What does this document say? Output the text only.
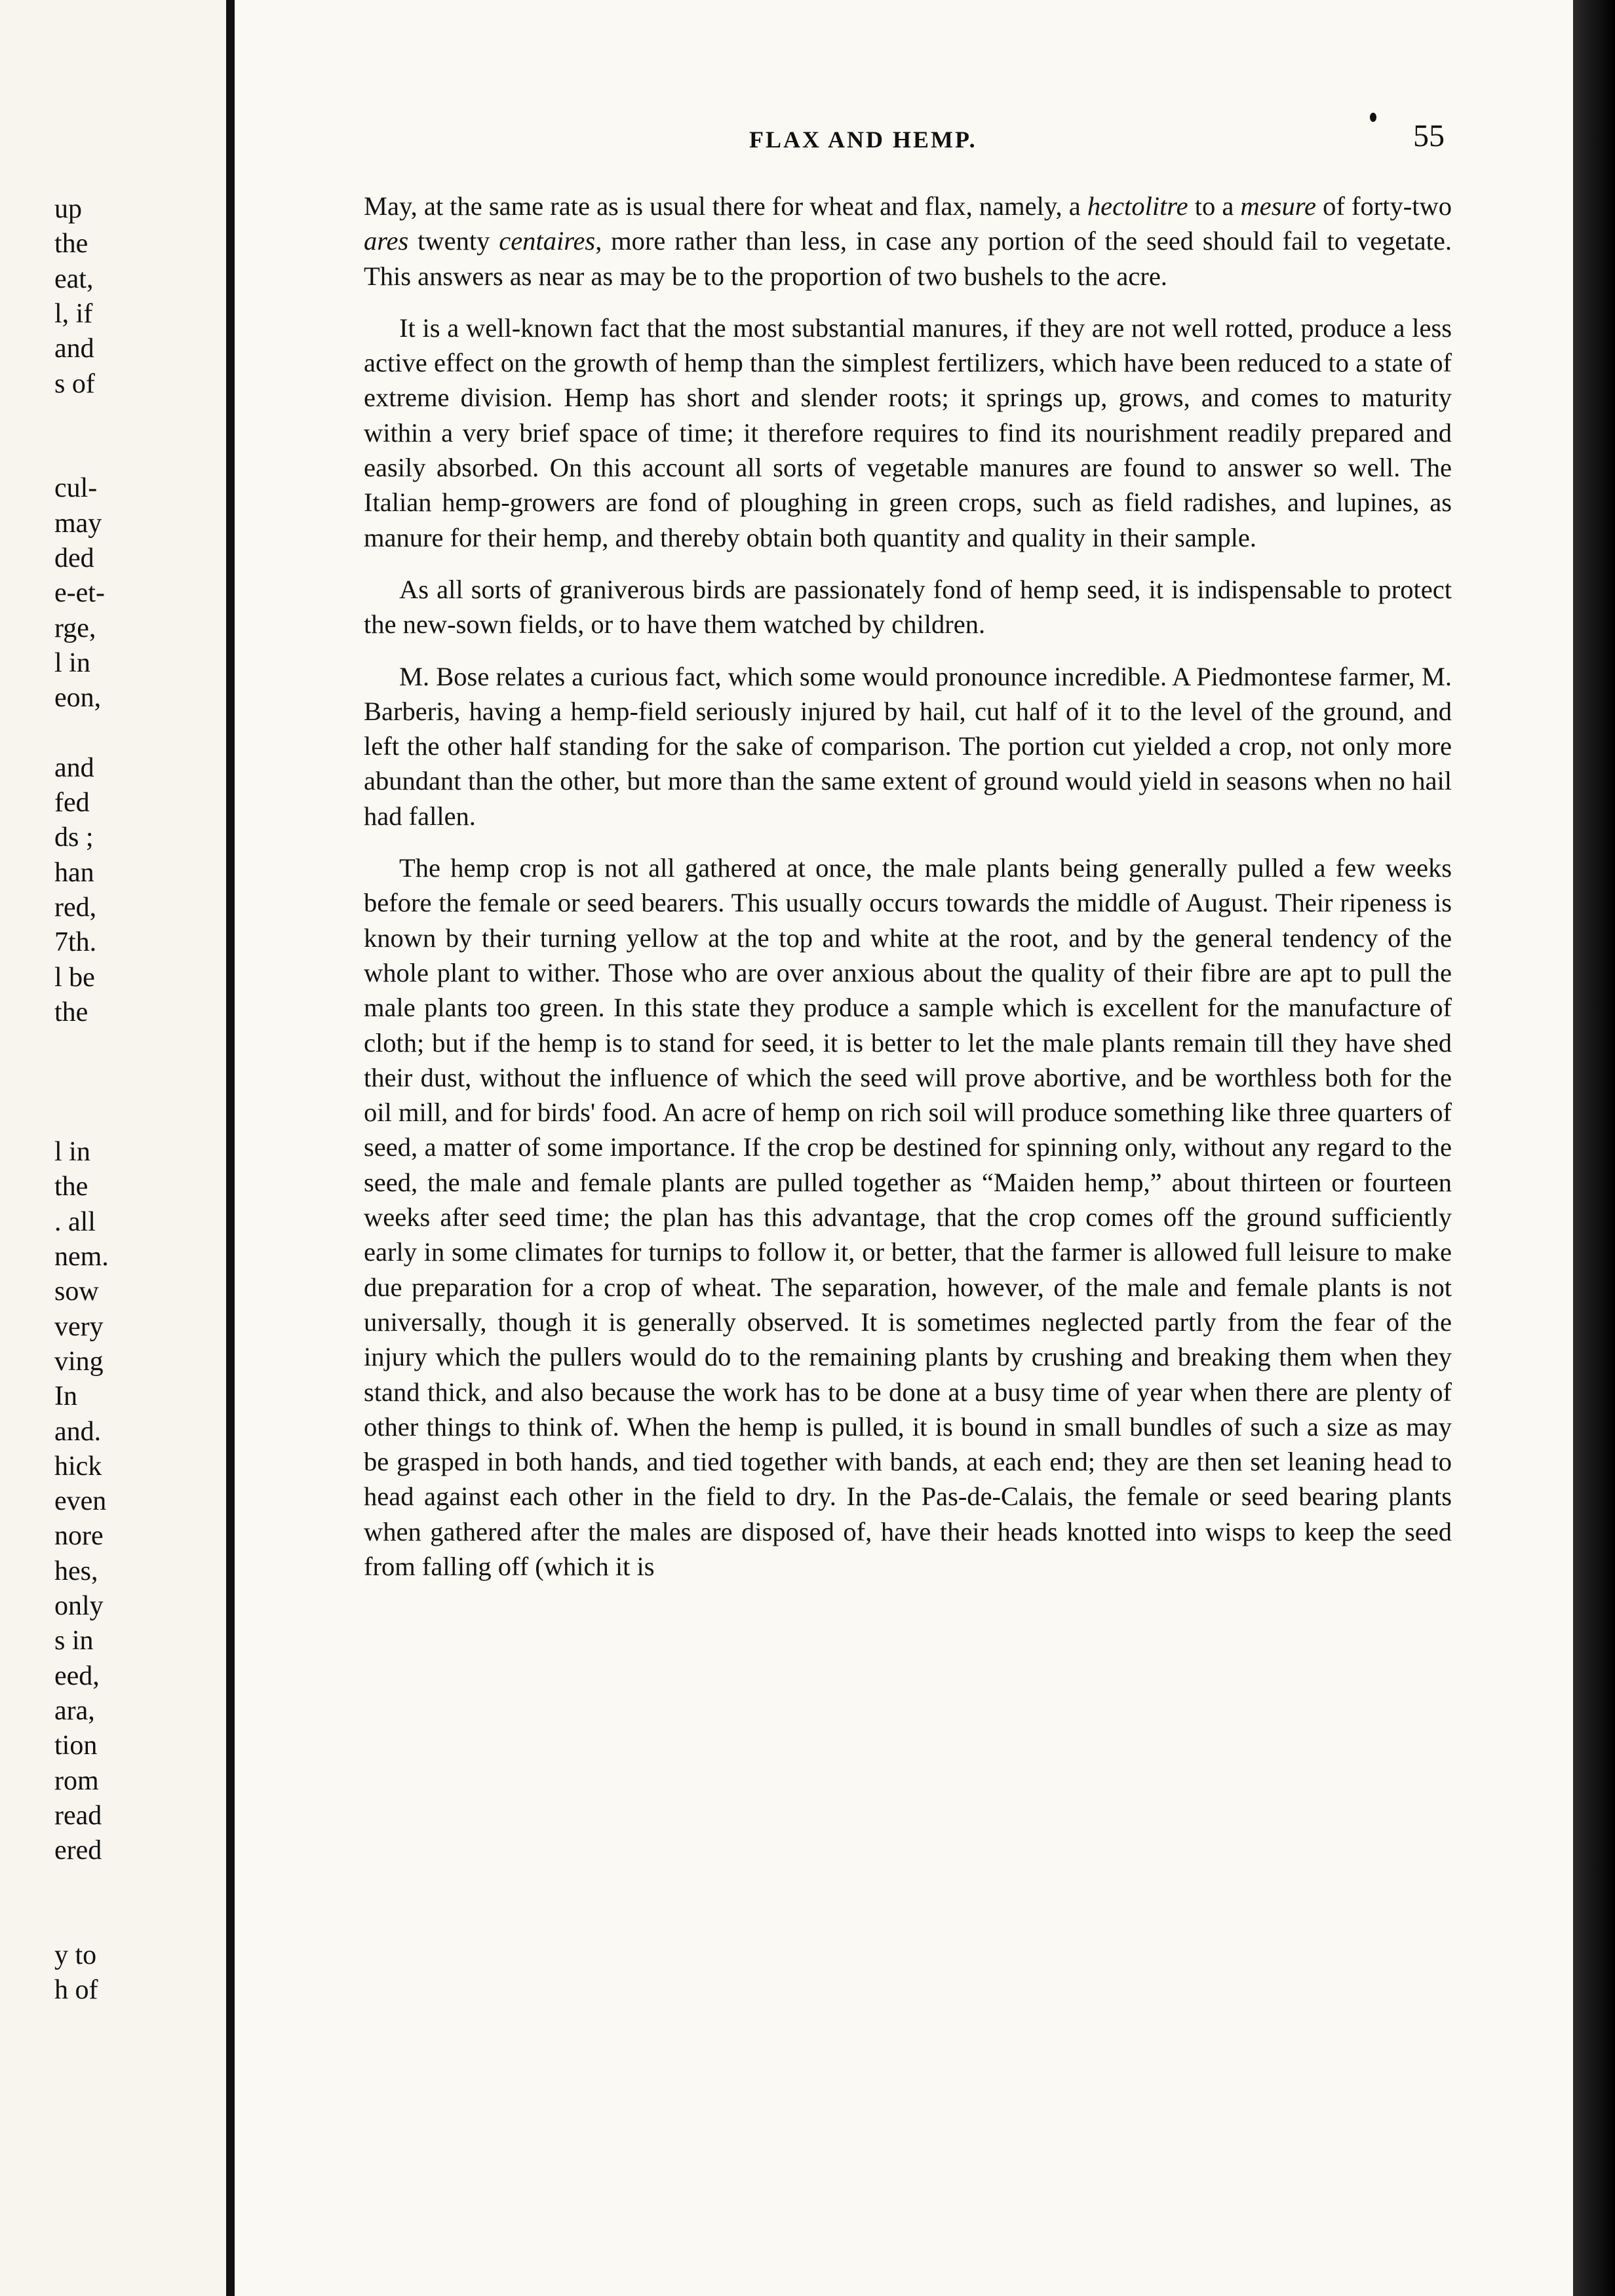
up
the
eat,
l, if
and
s of
cul-
may
ded
e-et-
rge,
l in
eon,
and
fed
ds ;
han
red,
7th.
l be
the
l in
the
. all
nem.
sow
very
ving
In
and.
hick
even
nore
hes,
only
s in
eed,
ara,
tion
rom
read
ered
y to
h of
FLAX AND HEMP.	55

May, at the same rate as is usual there for wheat and flax, namely, a hectolitre to a mesure of forty-two ares twenty centaires, more rather than less, in case any portion of the seed should fail to vegetate. This answers as near as may be to the proportion of two bushels to the acre.

It is a well-known fact that the most substantial manures, if they are not well rotted, produce a less active effect on the growth of hemp than the simplest fertilizers, which have been reduced to a state of extreme division. Hemp has short and slender roots; it springs up, grows, and comes to maturity within a very brief space of time; it therefore requires to find its nourishment readily prepared and easily absorbed. On this account all sorts of vegetable manures are found to answer so well. The Italian hemp-growers are fond of ploughing in green crops, such as field radishes, and lupines, as manure for their hemp, and thereby obtain both quantity and quality in their sample.

As all sorts of graniverous birds are passionately fond of hemp seed, it is indispensable to protect the new-sown fields, or to have them watched by children.

M. Bose relates a curious fact, which some would pronounce incredible. A Piedmontese farmer, M. Barberis, having a hemp-field seriously injured by hail, cut half of it to the level of the ground, and left the other half standing for the sake of comparison. The portion cut yielded a crop, not only more abundant than the other, but more than the same extent of ground would yield in seasons when no hail had fallen.

The hemp crop is not all gathered at once, the male plants being generally pulled a few weeks before the female or seed bearers. This usually occurs towards the middle of August. Their ripeness is known by their turning yellow at the top and white at the root, and by the general tendency of the whole plant to wither. Those who are over anxious about the quality of their fibre are apt to pull the male plants too green. In this state they produce a sample which is excellent for the manufacture of cloth; but if the hemp is to stand for seed, it is better to let the male plants remain till they have shed their dust, without the influence of which the seed will prove abortive, and be worthless both for the oil mill, and for birds' food. An acre of hemp on rich soil will produce something like three quarters of seed, a matter of some importance. If the crop be destined for spinning only, without any regard to the seed, the male and female plants are pulled together as “Maiden hemp,” about thirteen or fourteen weeks after seed time; the plan has this advantage, that the crop comes off the ground sufficiently early in some climates for turnips to follow it, or better, that the farmer is allowed full leisure to make due preparation for a crop of wheat. The separation, however, of the male and female plants is not universally, though it is generally observed. It is sometimes neglected partly from the fear of the injury which the pullers would do to the remaining plants by crushing and breaking them when they stand thick, and also because the work has to be done at a busy time of year when there are plenty of other things to think of. When the hemp is pulled, it is bound in small bundles of such a size as may be grasped in both hands, and tied together with bands, at each end; they are then set leaning head to head against each other in the field to dry. In the Pas-de-Calais, the female or seed bearing plants when gathered after the males are disposed of, have their heads knotted into wisps to keep the seed from falling off (which it is
